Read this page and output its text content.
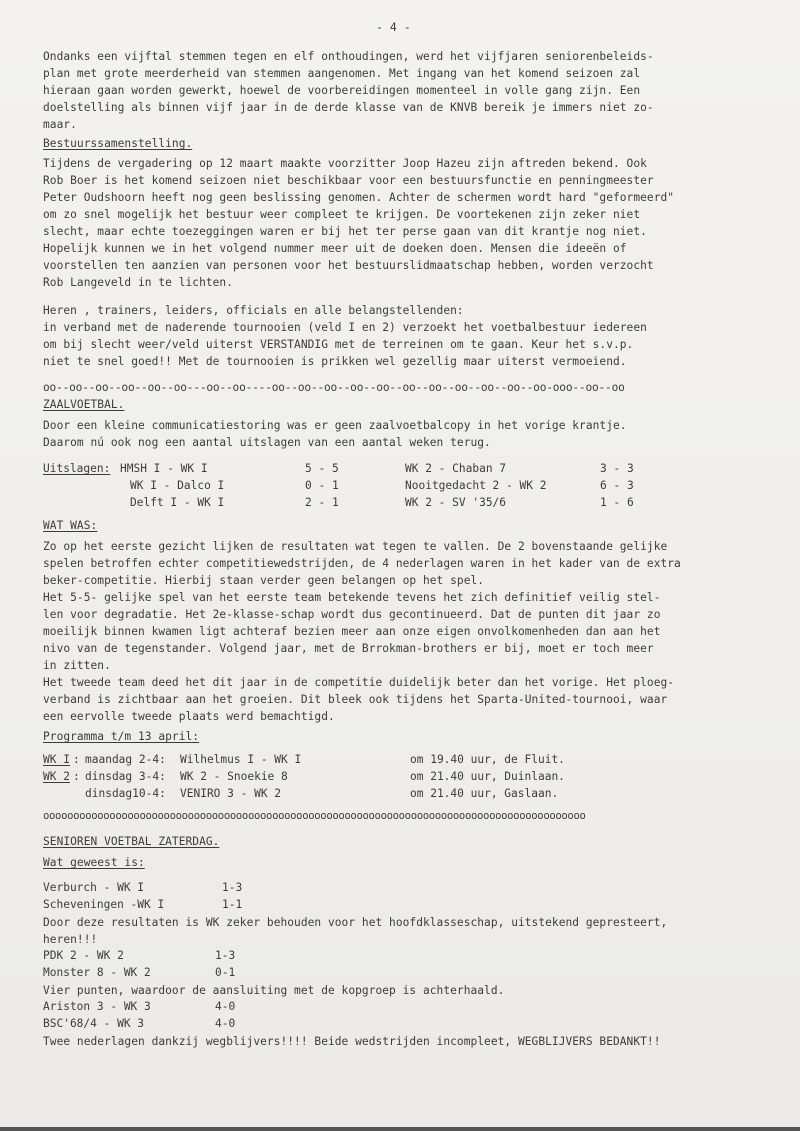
- 4 -
Ondanks een vijftal stemmen tegen en elf onthoudingen, werd het vijfjaren seniorenbeleids-
plan met grote meerderheid van stemmen aangenomen. Met ingang van het komend seizoen zal
hieraan gaan worden gewerkt, hoewel de voorbereidingen momenteel in volle gang zijn. Een
doelstelling als binnen vijf jaar in de derde klasse van de KNVB bereik je immers niet zo-
maar.
Bestuurssamenstelling.
Tijdens de vergadering op 12 maart maakte voorzitter Joop Hazeu zijn aftreden bekend. Ook
Rob Boer is het komend seizoen niet beschikbaar voor een bestuursfunctie en penningmeester
Peter Oudshoorn heeft nog geen beslissing genomen. Achter de schermen wordt hard "geformeerd"
om zo snel mogelijk het bestuur weer compleet te krijgen. De voortekenen zijn zeker niet
slecht, maar echte toezeggingen waren er bij het ter perse gaan van dit krantje nog niet.
Hopelijk kunnen we in het volgend nummer meer uit de doeken doen. Mensen die ideeën of
voorstellen ten aanzien van personen voor het bestuurslidmaatschap hebben, worden verzocht
Rob Langeveld in te lichten.
Heren , trainers, leiders, officials en alle belangstellenden:
in verband met de naderende tournooien (veld I en 2) verzoekt het voetbalbestuur iedereen
om bij slecht weer/veld uiterst VERSTANDIG met de terreinen om te gaan. Keur het s.v.p.
niet te snel goed!! Met de tournooien is prikken wel gezellig maar uiterst vermoeiend.
oo--oo--oo--oo--oo--oo---oo--oo----oo--oo--oo--oo--oo--oo--oo--oo--oo--oo--oo-ooo--oo--oo
ZAALVOETBAL.
Door een kleine communicatiestoring was er geen zaalvoetbalcopy in het vorige krantje.
Daarom nú ook nog een aantal uitslagen van een aantal weken terug.
Uitslagen: HMSH I - WK I	5 - 5	WK 2 - Chaban 7	3 - 3
WK I - Dalco I	0 - 1	Nooitgedacht 2 - WK 2	6 - 3
Delft I - WK I	2 - 1	WK 2 - SV '35/6	1 - 6
WAT WAS:
Zo op het eerste gezicht lijken de resultaten wat tegen te vallen. De 2 bovenstaande gelijke
spelen betroffen echter competitiewedstrijden, de 4 nederlagen waren in het kader van de extra
beker-competitie. Hierbij staan verder geen belangen op het spel.
Het 5-5- gelijke spel van het eerste team betekende tevens het zich definitief veilig stel-
len voor degradatie. Het 2e-klasse-schap wordt dus gecontinueerd. Dat de punten dit jaar zo
moeilijk binnen kwamen ligt achteraf bezien meer aan onze eigen onvolkomenheden dan aan het
nivo van de tegenstander. Volgend jaar, met de Brrokman-brothers er bij, moet er toch meer
in zitten.
Het tweede team deed het dit jaar in de competitie duidelijk beter dan het vorige. Het ploeg-
verband is zichtbaar aan het groeien. Dit bleek ook tijdens het Sparta-United-tournooi, waar
een eervolle tweede plaats werd bemachtigd.
Programma t/m 13 april:
WK I : maandag 2-4: Wilhelmus I - WK I	om 19.40 uur, de Fluit.
WK 2 : dinsdag 3-4: WK 2 - Snoekie 8	om 21.40 uur, Duinlaan.
dinsdag10-4: VENIRO 3 - WK 2	om 21.40 uur, Gaslaan.
oooooooooooooooooooooooooooooooooooooooooooooooooooooooooooooooooooooooooooooooooooooooooo
SENIOREN VOETBAL ZATERDAG.
Wat geweest is:
Verburch - WK I	1-3
Scheveningen -WK I	1-1
Door deze resultaten is WK zeker behouden voor het hoofdklasseschap, uitstekend gepresteert,
heren!!!
PDK 2 - WK 2	1-3
Monster 8 - WK 2	0-1
Vier punten, waardoor de aansluiting met de kopgroep is achterhaald.
Ariston 3 - WK 3	4-0
BSC'68/4 - WK 3	4-0
Twee nederlagen dankzij wegblijvers!!!! Beide wedstrijden incompleet, WEGBLIJVERS BEDANKT!!
